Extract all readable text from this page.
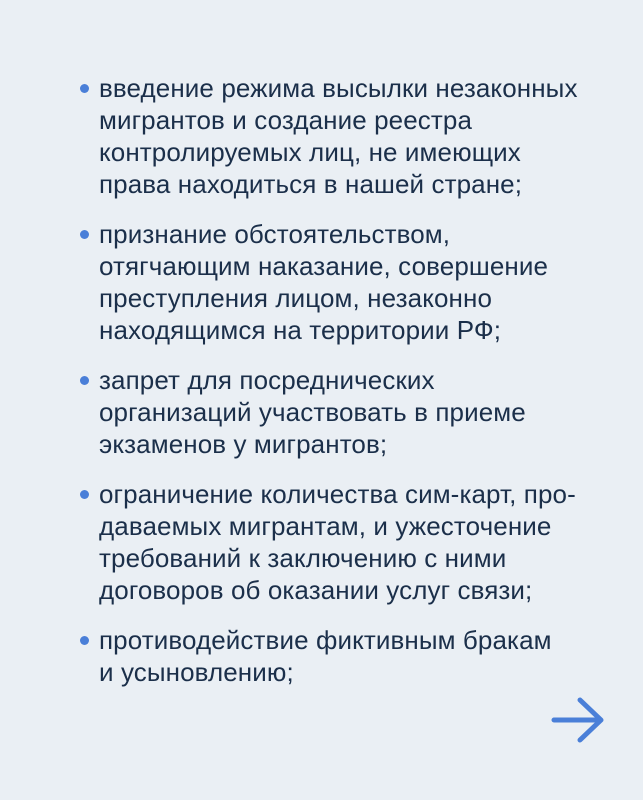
введение режима высылки незаконных
мигрантов и создание реестра
контролируемых лиц, не имеющих
права находиться в нашей стране;
признание обстоятельством,
отягчающим наказание, совершение
преступления лицом, незаконно
находящимся на территории РФ;
запрет для посреднических
организаций участвовать в приеме
экзаменов у мигрантов;
ограничение количества сим-карт, про-
даваемых мигрантам, и ужесточение
требований к заключению с ними
договоров об оказании услуг связи;
противодействие фиктивным бракам
и усыновлению;
